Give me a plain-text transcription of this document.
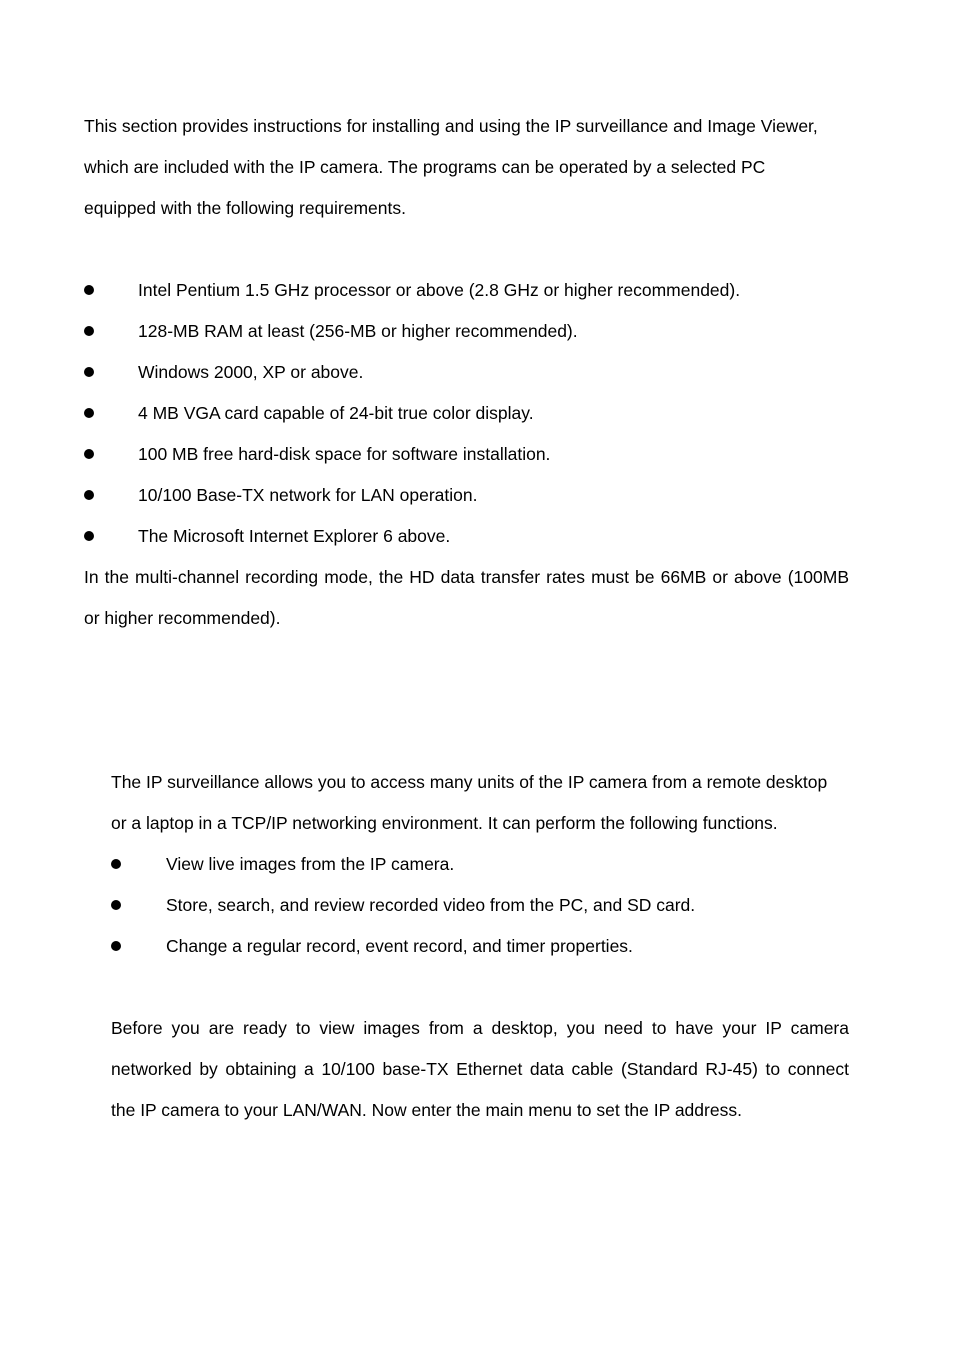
This section provides instructions for installing and using the IP surveillance and Image Viewer,
which are included with the IP camera. The programs can be operated by a selected PC
equipped with the following requirements.
Intel Pentium 1.5 GHz processor or above (2.8 GHz or higher recommended).
128-MB RAM at least (256-MB or higher recommended).
Windows 2000, XP or above.
4 MB VGA card capable of 24-bit true color display.
100 MB free hard-disk space for software installation.
10/100 Base-TX network for LAN operation.
The Microsoft Internet Explorer 6 above.
In the multi-channel recording mode, the HD data transfer rates must be 66MB or above (100MB
or higher recommended).
The IP surveillance allows you to access many units of the IP camera from a remote desktop
or a laptop in a TCP/IP networking environment. It can perform the following functions.
View live images from the IP camera.
Store, search, and review recorded video from the PC, and SD card.
Change a regular record, event record, and timer properties.
Before you are ready to view images from a desktop, you need to have your IP camera
networked by obtaining a 10/100 base-TX Ethernet data cable (Standard RJ-45) to connect
the IP camera to your LAN/WAN. Now enter the main menu to set the IP address.
